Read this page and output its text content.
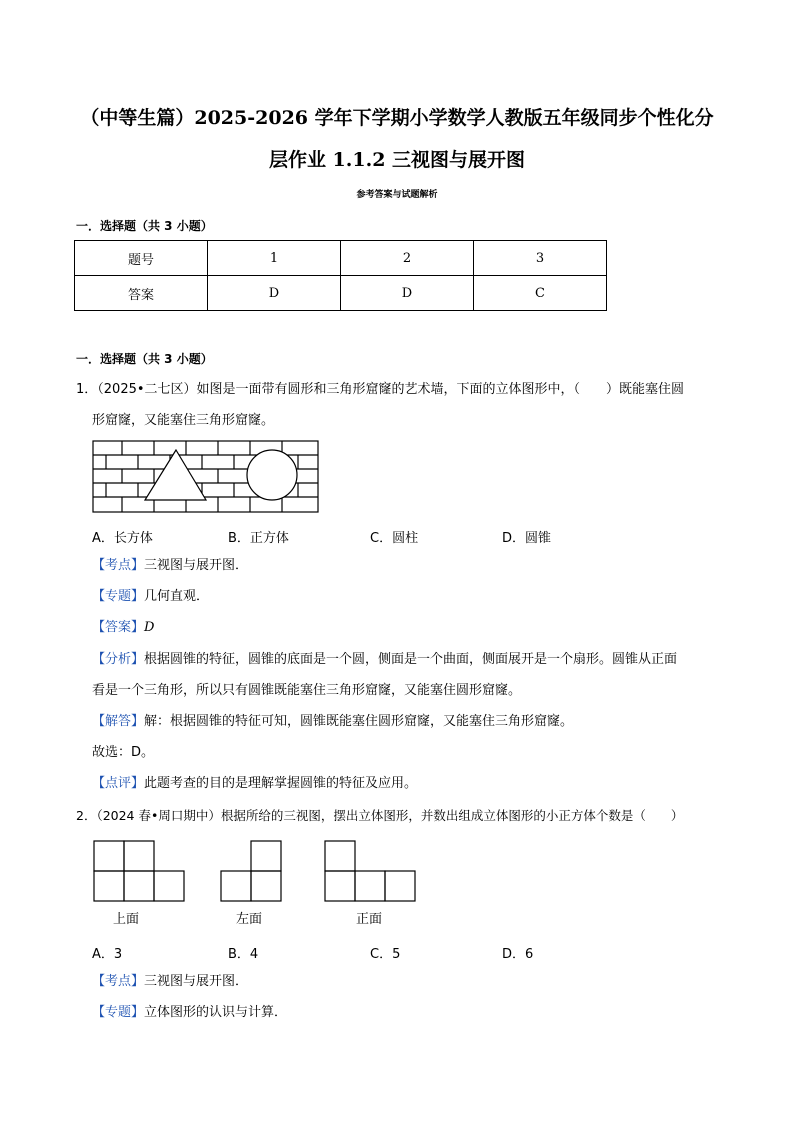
（中等生篇）2025-2026 学年下学期小学数学人教版五年级同步个性化分
层作业 1.1.2 三视图与展开图
参考答案与试题解析
一．选择题（共 3 小题）
题号	1	2	3
答案	D	D	C
一．选择题（共 3 小题）
1．（2025•二七区）如图是一面带有圆形和三角形窟窿的艺术墙，下面的立体图形中，（　　）既能塞住圆
形窟窿，又能塞住三角形窟窿。
A．长方体	B．正方体	C．圆柱	D．圆锥
【考点】三视图与展开图．
【专题】几何直观．
【答案】D
【分析】根据圆锥的特征，圆锥的底面是一个圆，侧面是一个曲面，侧面展开是一个扇形。圆锥从正面
看是一个三角形，所以只有圆锥既能塞住三角形窟窿，又能塞住圆形窟窿。
【解答】解：根据圆锥的特征可知，圆锥既能塞住圆形窟窿，又能塞住三角形窟窿。
故选：D。
【点评】此题考查的目的是理解掌握圆锥的特征及应用。
2．（2024 春•周口期中）根据所给的三视图，摆出立体图形，并数出组成立体图形的小正方体个数是（　　）
上面	左面	正面
A．3	B．4	C．5	D．6
【考点】三视图与展开图．
【专题】立体图形的认识与计算．
